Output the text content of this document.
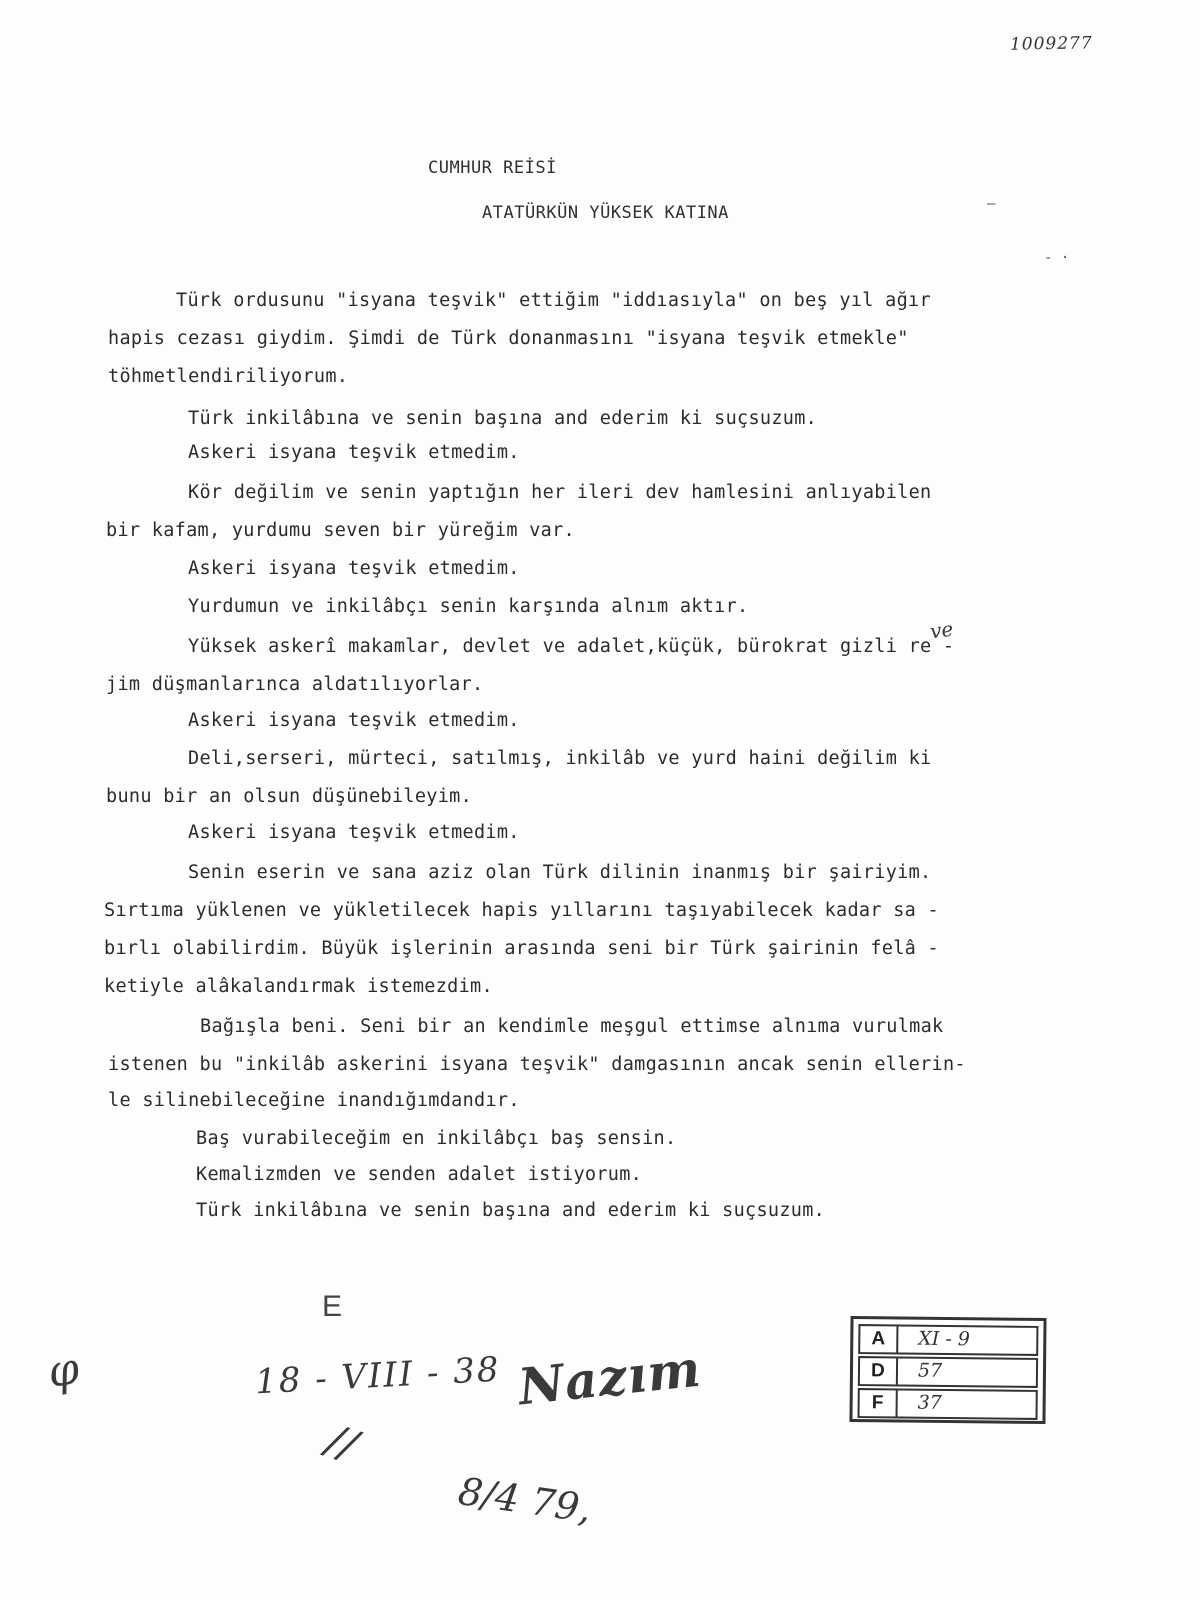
1009277
CUMHUR REİSİ
ATATÜRKÜN YÜKSEK KATINA
Türk ordusunu "isyana teşvik" ettiğim "iddıasıyla" on beş yıl ağır
hapis cezası giydim. Şimdi de Türk donanmasını "isyana teşvik etmekle"
töhmetlendiriliyorum.
Türk inkilâbına ve senin başına and ederim ki suçsuzum.
Askeri isyana teşvik etmedim.
Kör değilim ve senin yaptığın her ileri dev hamlesini anlıyabilen
bir kafam, yurdumu seven bir yüreğim var.
Askeri isyana teşvik etmedim.
Yurdumun ve inkilâbçı senin karşında alnım aktır.
Yüksek askerî makamlar, devlet ve adalet,küçük, bürokrat gizli re -
jim düşmanlarınca aldatılıyorlar.
Askeri isyana teşvik etmedim.
Deli,serseri, mürteci, satılmış, inkilâb ve yurd haini değilim ki
bunu bir an olsun düşünebileyim.
Askeri isyana teşvik etmedim.
Senin eserin ve sana aziz olan Türk dilinin inanmış bir şairiyim.
Sırtıma yüklenen ve yükletilecek hapis yıllarını taşıyabilecek kadar sa -
bırlı olabilirdim. Büyük işlerinin arasında seni bir Türk şairinin felâ -
ketiyle alâkalandırmak istemezdim.
Bağışla beni. Seni bir an kendimle meşgul ettimse alnıma vurulmak
istenen bu "inkilâb askerini isyana teşvik" damgasının ancak senin ellerin-
le silinebileceğine inandığımdandır.
Baş vurabileceğim en inkilâbçı baş sensin.
Kemalizmden ve senden adalet istiyorum.
Türk inkilâbına ve senin başına and ederim ki suçsuzum.
ve
–
- ·
E
φ	18 - VIII - 38 Nazım
//
8/4 79,
A	XI - 9
D	57
F	37
